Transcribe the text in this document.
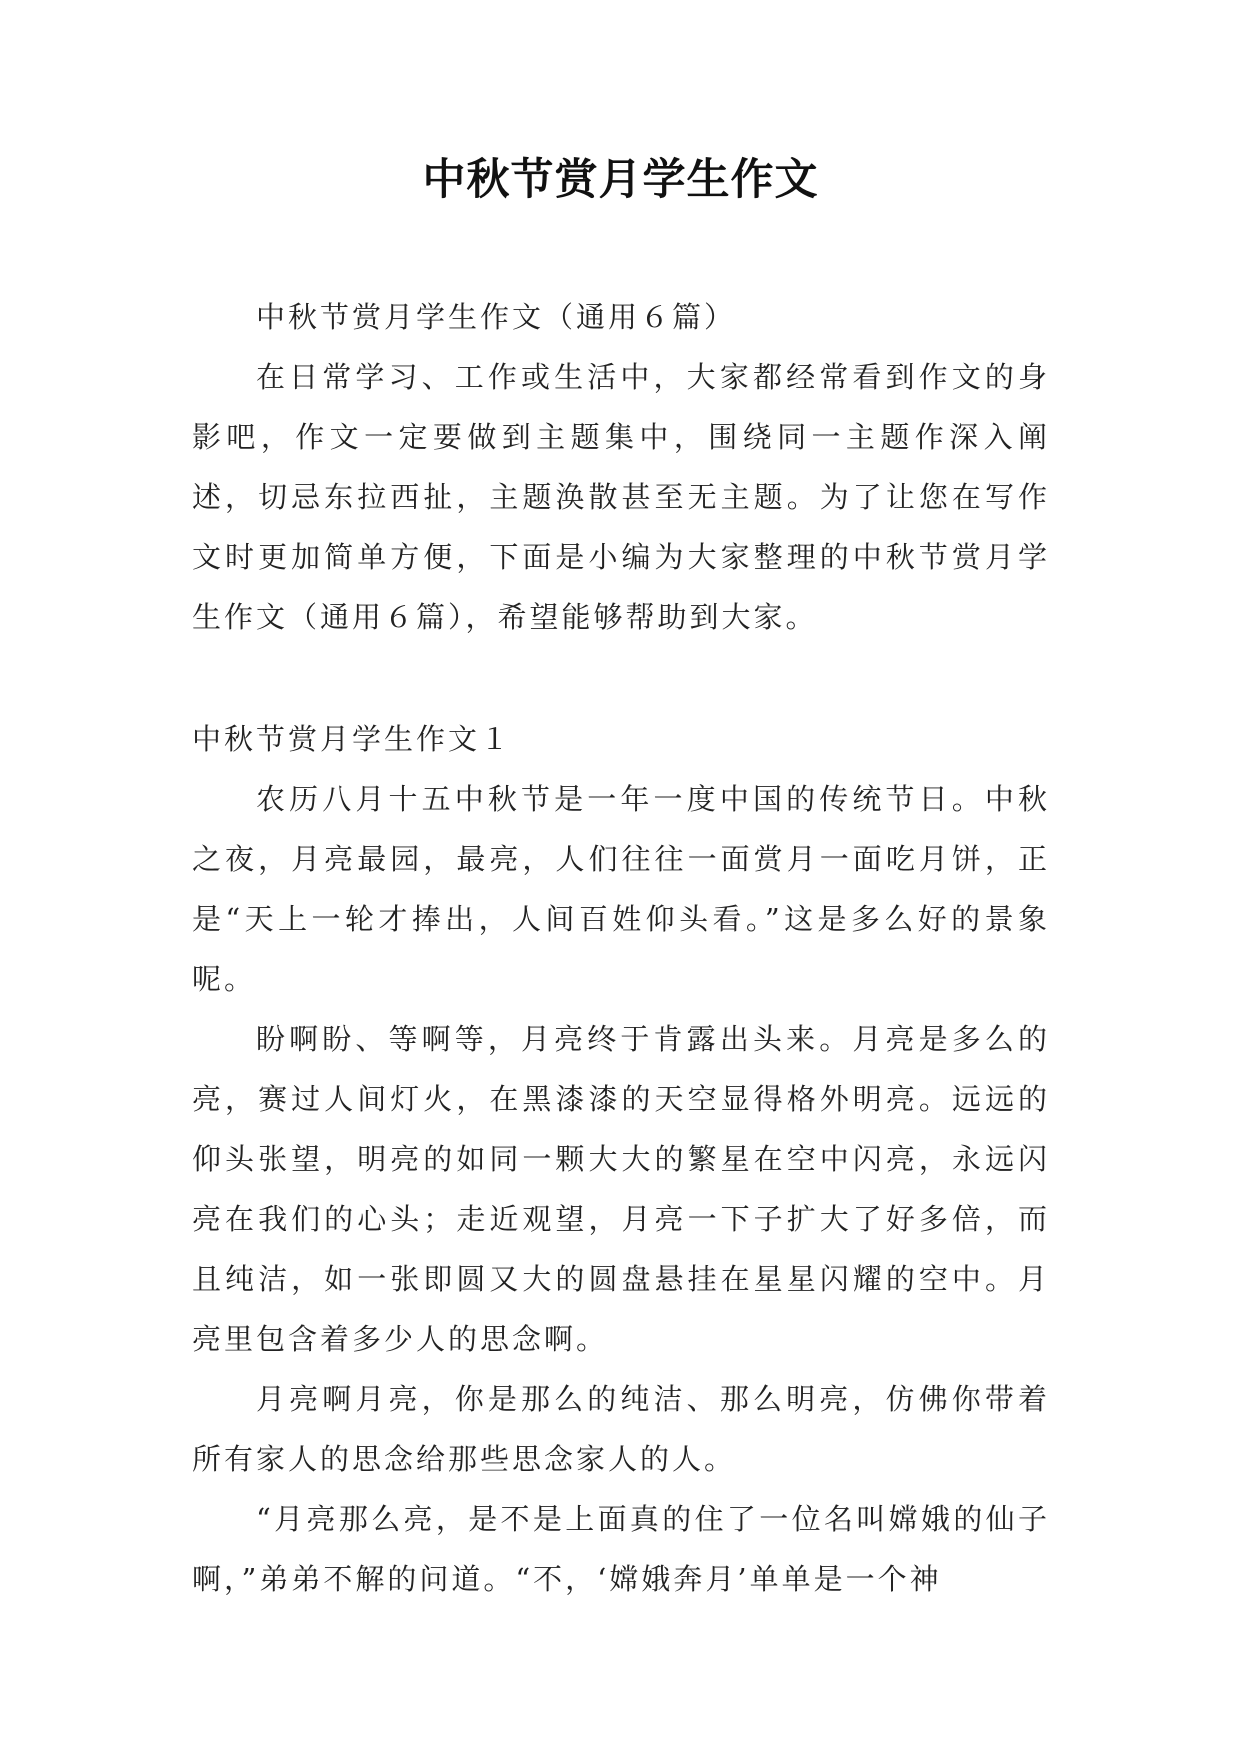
中秋节赏月学生作文

中秋节赏月学生作文（通用６篇）

在日常学习、工作或生活中，大家都经常看到作文的身影吧，作文一定要做到主题集中，围绕同一主题作深入阐述，切忌东拉西扯，主题涣散甚至无主题。为了让您在写作文时更加简单方便，下面是小编为大家整理的中秋节赏月学生作文（通用６篇），希望能够帮助到大家。

中秋节赏月学生作文１

农历八月十五中秋节是一年一度中国的传统节日。中秋之夜，月亮最园，最亮，人们往往一面赏月一面吃月饼，正是“天上一轮才捧出，人间百姓仰头看。”这是多么好的景象呢。

盼啊盼、等啊等，月亮终于肯露出头来。月亮是多么的亮，赛过人间灯火，在黑漆漆的天空显得格外明亮。远远的仰头张望，明亮的如同一颗大大的繁星在空中闪亮，永远闪亮在我们的心头；走近观望，月亮一下子扩大了好多倍，而且纯洁，如一张即圆又大的圆盘悬挂在星星闪耀的空中。月亮里包含着多少人的思念啊。

月亮啊月亮，你是那么的纯洁、那么明亮，仿佛你带着所有家人的思念给那些思念家人的人。

“月亮那么亮，是不是上面真的住了一位名叫嫦娥的仙子啊，”弟弟不解的问道。“不，‘嫦娥奔月’单单是一个神
